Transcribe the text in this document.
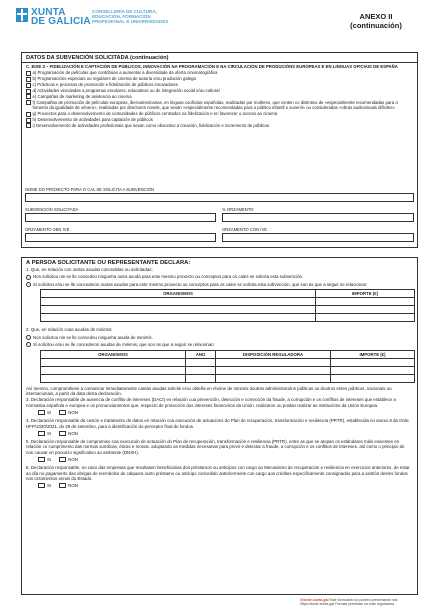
XUNTA
DE GALICIA
CONSELLERÍA DE CULTURA,
EDUCACIÓN, FORMACIÓN
PROFESIONAL E UNIVERSIDADES
ANEXO II
(continuación)
DATOS DA SUBVENCIÓN SOLICITADA (continuación)
C. EIXE 3 – FIDELIZACIÓN E CAPTACIÓN DE PÚBLICOS, INNOVACIÓN NA PROGRAMACIÓN E NA CIRCULACIÓN DE PRODUCIÓNS EUROPEAS E EN LINGUAS OFICIAIS DE ESPAÑA
a) Programación de películas que contribúan a aumentar a diversidade da oferta cinematográfica
b) Programacións especiais ou regulares de cinema de autoría e/ou produción galega
c) Prácticas e procesos de promoción e fidelización de públicos innovadores
d) Actividades vinculadas a programas escolares, educativos ou de integración social e/ou cultural
e) Campañas de marketing de asistencia ao cinema
f) Campañas de promoción de películas europeas, iberoamericanas, en linguas cooficiais españolas, realizadas por mulleres, que conten co distintivo de «especialmente recomendadas para o fomento da igualdade de xénero», realizadas por directores novels, que sexan «especialmente recomendadas para o público infantil e xuvenil» ou consideradas «obras audiovisuais difíciles»
g) Proxectos para o desenvolvemento de comunidades de públicos centrados na fidelización e en favorecer o acceso ao cinema
h) Desenvolvemento de actividades para captación de públicos
i) Desenvolvemento de actividades profesionais que sexan como obxectivo a creación, fidelización e incremento de públicos
NOME DO PROXECTO PARA O CAL SE SOLICITA A SUBVENCIÓN
SUBVENCIÓN SOLICITADA	% ORZAMENTO
ORZAMENTO SEN IVE	ORZAMENTO CON IVE
A PERSOA SOLICITANTE OU REPRESENTANTE DECLARA:
1. Que, en relación con outras axudas concedidas ou solicitadas:
Non solicitou nin se lle concedeu ningunha outra axuda para este mesmo proxecto ou conceptos para os cales se solicita esta subvención.
Si solicitou e/ou se lle concederon outras axudas para este mesmo proxecto ou conceptos para os cales se solicita esta subvención, que son as que a seguir se relacionan:
ORGANISMOS	IMPORTE (€)

2. Que, en relación coas axudas de minimis:
Non solicitou nin se lle concedeu ningunha axuda de minimis.
Si solicitou e/ou se lle concederon axudas de minimis, que son as que a seguir se relacionan:
ORGANISMOS	ANO	DISPOSICIÓN REGULADORA	IMPORTE (€)

Así mesmo, comprométese a comunicar inmediatamente cantas axudas solicite e/ou obteña en réxime de minimis doutras administracións públicas ou doutros entes públicos, nacionais ou internacionais, a partir da data desta declaración.
3. Declaración responsable de ausencia de conflito de intereses (DACI) en relación coa prevención, detección e corrección da fraude, a corrupción e os conflitos de intereses que establece a normativa española e europea e os pronunciamentos que, respecto de protección dos intereses financeiros da Unión, realizaron ou poidan realizar as institucións da Unión Europea.
SI	NON
4. Declaración responsable de cesión e tratamento de datos en relación coa execución de actuacións do Plan de recuperación, transformación e resiliencia (PRTR), establecida no anexo 8 da Orde HFP/1030/2021, do 29 de setembro, para a identificación do perceptor final de fondos.
SI	NON
5. Declaración responsable de compromiso coa execución de actuación do Plan de recuperación, transformación e resiliencia (PRTR), entre as que se atopan os estándares máis esixentes en relación co cumprimento das normas xurídicas, éticas e morais, adoptando as medidas necesarias para previr e detectar a fraude, a corrupción e os conflitos de intereses, así como o principio de non causar un prexuízo significativo ao ambiente (DNSH).
SI	NON
6. Declaración responsable, no caso das empresas que resultasen beneficiarias dos préstamos ou anticipos con cargo ao Mecanismo de recuperación e resiliencia en exercicios anteriores, de estar ao día no pagamento das obrigas de reembolso de calquera outro préstamo ou anticipo concedido anteriormente con cargo aos créditos especificamente consignados para a xestión destes fondos nos orzamentos xerais do Estado.
SI	NON
@sede.xunta.gal Este formulario só poderá presentarse nos
https://sede.xunta.gal Formas previstas na orde reguladora
